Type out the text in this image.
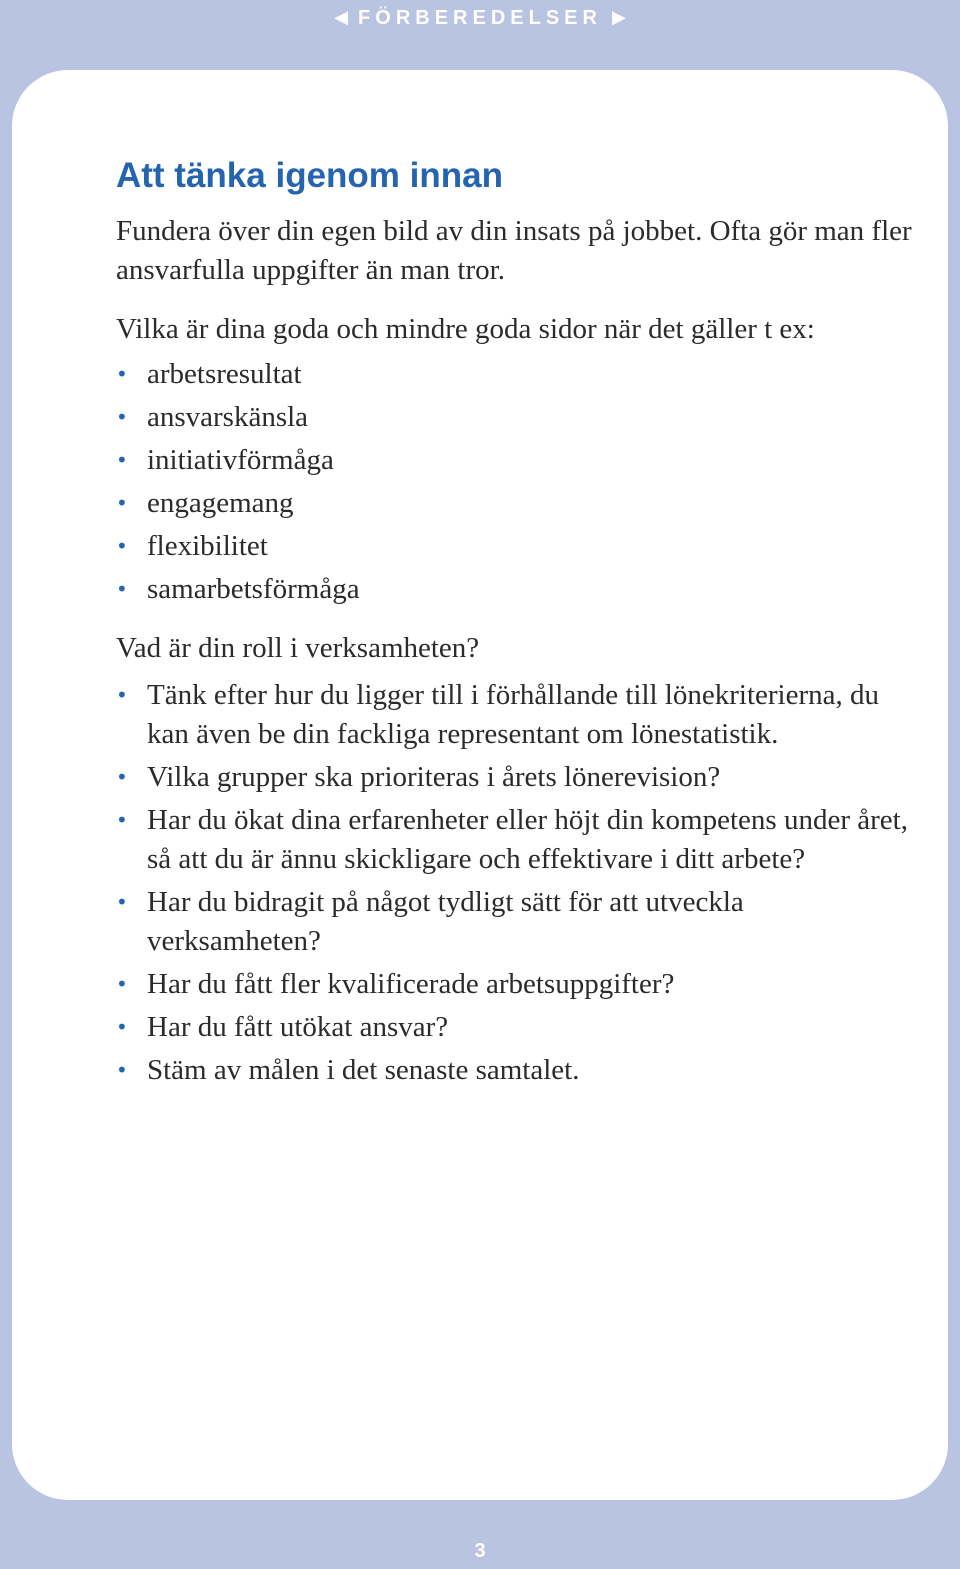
◀ FÖRBEREDELSER ▶
Att tänka igenom innan

Fundera över din egen bild av din insats på jobbet. Ofta gör man fler ansvarfulla uppgifter än man tror.

Vilka är dina goda och mindre goda sidor när det gäller t ex:

• arbetsresultat
• ansvarskänsla
• initiativförmåga
• engagemang
• flexibilitet
• samarbetsförmåga

Vad är din roll i verksamheten?

• Tänk efter hur du ligger till i förhållande till lönekriterierna, du kan även be din fackliga representant om lönestatistik.
• Vilka grupper ska prioriteras i årets lönerevision?
• Har du ökat dina erfarenheter eller höjt din kompetens under året, så att du är ännu skickligare och effektivare i ditt arbete?
• Har du bidragit på något tydligt sätt för att utveckla verksamheten?
• Har du fått fler kvalificerade arbetsuppgifter?
• Har du fått utökat ansvar?
• Stäm av målen i det senaste samtalet.
3
